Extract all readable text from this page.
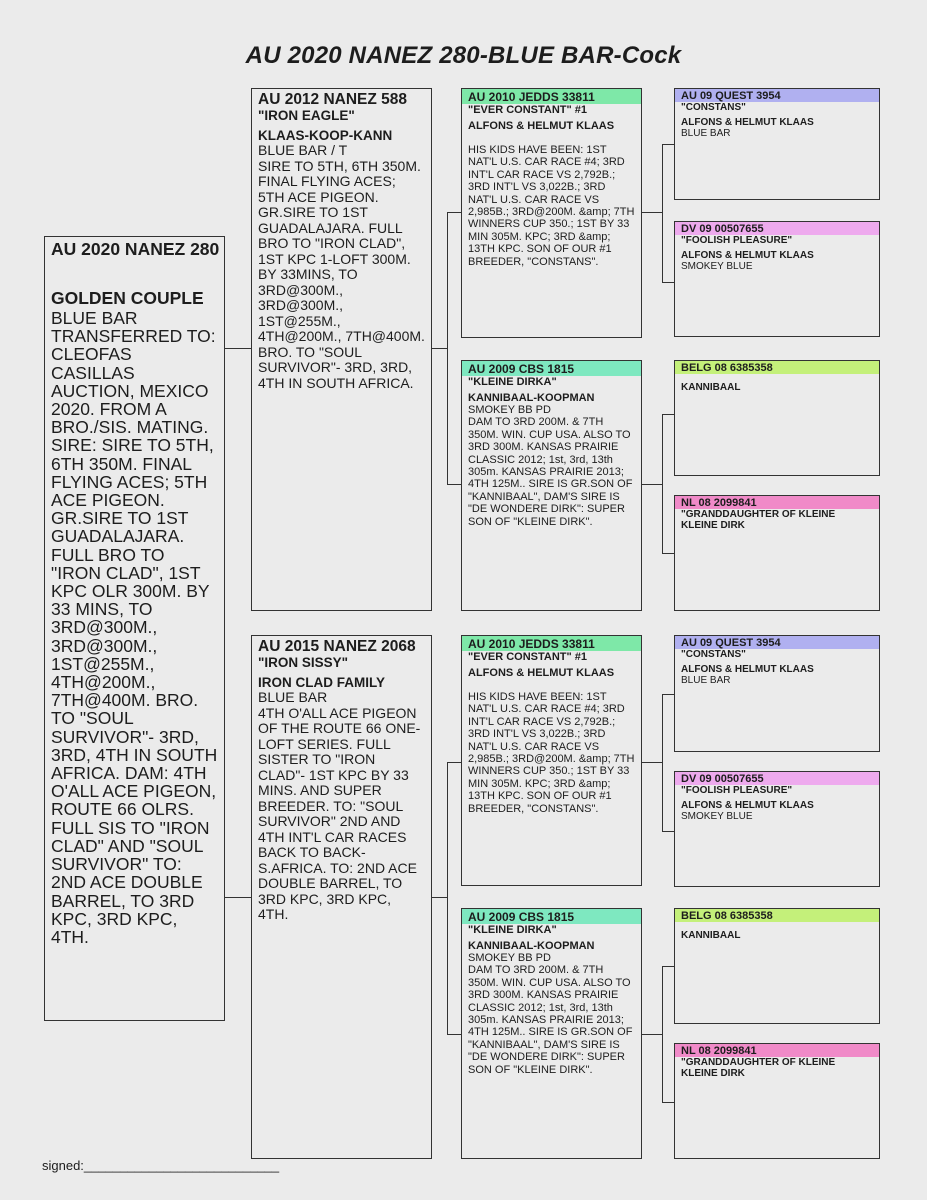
AU 2020 NANEZ 280-BLUE BAR-Cock
AU 2020 NANEZ 280
GOLDEN COUPLE
BLUE BAR
TRANSFERRED TO: CLEOFAS CASILLAS AUCTION, MEXICO 2020. FROM A BRO./SIS. MATING. SIRE: SIRE TO 5TH, 6TH 350M. FINAL FLYING ACES; 5TH ACE PIGEON. GR.SIRE TO 1ST GUADALAJARA. FULL BRO TO "IRON CLAD", 1ST KPC OLR 300M. BY 33 MINS, TO 3RD@300M., 3RD@300M., 1ST@255M., 4TH@200M., 7TH@400M. BRO. TO "SOUL SURVIVOR"- 3RD, 3RD, 4TH IN SOUTH AFRICA. DAM: 4TH O'ALL ACE PIGEON, ROUTE 66 OLRS. FULL SIS TO "IRON CLAD" AND "SOUL SURVIVOR" TO: 2ND ACE DOUBLE BARREL, TO 3RD KPC, 3RD KPC, 4TH.
AU 2012 NANEZ 588
"IRON EAGLE"
KLAAS-KOOP-KANN
BLUE BAR / T
SIRE TO 5TH, 6TH 350M. FINAL FLYING ACES; 5TH ACE PIGEON. GR.SIRE TO 1ST GUADALAJARA. FULL BRO TO "IRON CLAD", 1ST KPC 1-LOFT 300M. BY 33MINS, TO 3RD@300M., 3RD@300M., 1ST@255M., 4TH@200M., 7TH@400M. BRO. TO "SOUL SURVIVOR"- 3RD, 3RD, 4TH IN SOUTH AFRICA.
AU 2015 NANEZ 2068
"IRON SISSY"
IRON CLAD FAMILY
BLUE BAR
4TH O'ALL ACE PIGEON OF THE ROUTE 66 ONE-LOFT SERIES. FULL SISTER TO "IRON CLAD"- 1ST KPC BY 33 MINS. AND SUPER BREEDER. TO: "SOUL SURVIVOR" 2ND AND 4TH INT'L CAR RACES BACK TO BACK- S.AFRICA. TO: 2ND ACE DOUBLE BARREL, TO 3RD KPC, 3RD KPC, 4TH.
AU 2010 JEDDS 33811
"EVER CONSTANT" #1
ALFONS & HELMUT KLAAS
HIS KIDS HAVE BEEN: 1ST NAT'L U.S. CAR RACE #4; 3RD INT'L CAR RACE VS 2,792B.; 3RD INT'L VS 3,022B.; 3RD NAT'L U.S. CAR RACE VS 2,985B.; 3RD@200M. &amp; 7TH WINNERS CUP 350.; 1ST BY 33 MIN 305M. KPC; 3RD &amp; 13TH KPC. SON OF OUR #1 BREEDER, "CONSTANS".
AU 2009 CBS 1815
"KLEINE DIRKA"
KANNIBAAL-KOOPMAN
SMOKEY BB PD
DAM TO 3RD 200M. & 7TH 350M. WIN. CUP USA. ALSO TO 3RD 300M. KANSAS PRAIRIE CLASSIC 2012; 1st, 3rd, 13th 305m. KANSAS PRAIRIE 2013; 4TH 125M.. SIRE IS GR.SON OF "KANNIBAAL", DAM'S SIRE IS "DE WONDERE DIRK": SUPER SON OF "KLEINE DIRK".
AU 2010 JEDDS 33811
"EVER CONSTANT" #1
ALFONS & HELMUT KLAAS
HIS KIDS HAVE BEEN: 1ST NAT'L U.S. CAR RACE #4; 3RD INT'L CAR RACE VS 2,792B.; 3RD INT'L VS 3,022B.; 3RD NAT'L U.S. CAR RACE VS 2,985B.; 3RD@200M. &amp; 7TH WINNERS CUP 350.; 1ST BY 33 MIN 305M. KPC; 3RD &amp; 13TH KPC. SON OF OUR #1 BREEDER, "CONSTANS".
AU 2009 CBS 1815
"KLEINE DIRKA"
KANNIBAAL-KOOPMAN
SMOKEY BB PD
DAM TO 3RD 200M. & 7TH 350M. WIN. CUP USA. ALSO TO 3RD 300M. KANSAS PRAIRIE CLASSIC 2012; 1st, 3rd, 13th 305m. KANSAS PRAIRIE 2013; 4TH 125M.. SIRE IS GR.SON OF "KANNIBAAL", DAM'S SIRE IS "DE WONDERE DIRK": SUPER SON OF "KLEINE DIRK".
AU 09 QUEST 3954
"CONSTANS"
ALFONS & HELMUT KLAAS
BLUE BAR
DV 09 00507655
"FOOLISH PLEASURE"
ALFONS & HELMUT KLAAS
SMOKEY BLUE
BELG 08 6385358
KANNIBAAL
NL 08 2099841
"GRANDDAUGHTER OF KLEINE
KLEINE DIRK
AU 09 QUEST 3954
"CONSTANS"
ALFONS & HELMUT KLAAS
BLUE BAR
DV 09 00507655
"FOOLISH PLEASURE"
ALFONS & HELMUT KLAAS
SMOKEY BLUE
BELG 08 6385358
KANNIBAAL
NL 08 2099841
"GRANDDAUGHTER OF KLEINE
KLEINE DIRK
signed:___________________________
